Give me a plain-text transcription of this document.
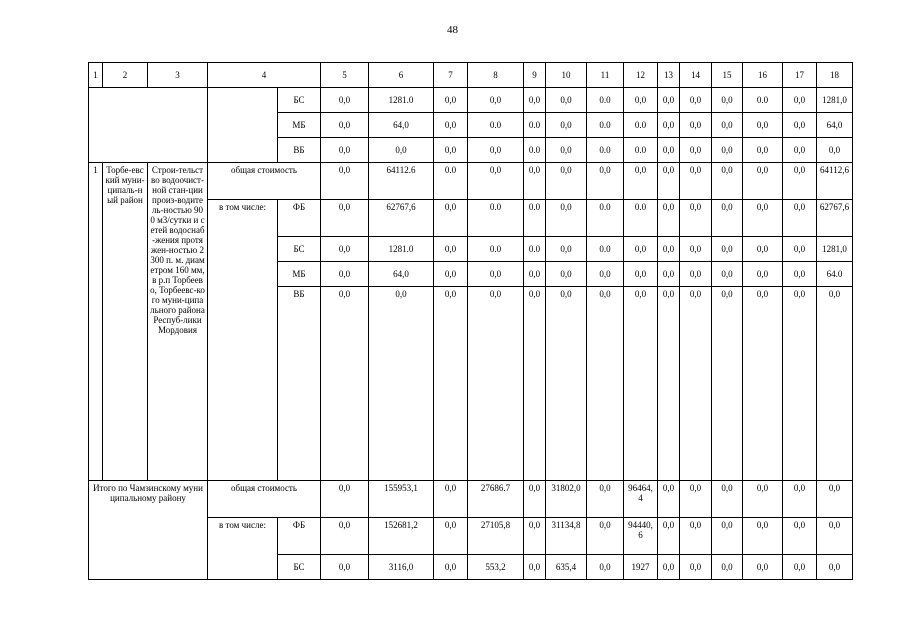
48
1	2	3	4		5	6	7	8	9	10	11	12	13	14	15	16	17	18
				БС	0,0	1281.0	0,0	0,0	0,0	0,0	0.0	0,0	0,0	0,0	0,0	0.0	0,0	1281,0
				МБ	0,0	64,0	0,0	0.0	0.0	0,0	0.0	0.0	0,0	0,0	0,0	0,0	0,0	64,0
				ВБ	0,0	0,0	0,0	0,0	0.0	0,0	0.0	0.0	0,0	0,0	0,0	0,0	0,0	0,0
1	Торбе-евский муни-ципаль-ный район	Строи-тельство водоочист-ной стан-ции произ-водитель-ностью 900 м3/сутки и сетей водоснаб-жения протяжен-ностью 2300 п. м. диаметром 160 мм, в р.п Торбеево, Торбеевс-кого муни-ципального района Респуб-лики Мордовия	общая стоимость		0,0	64112.6	0.0	0,0	0,0	0,0	0,0	0,0	0,0	0,0	0,0	0,0	0,0	64112,6
			в том числе:	ФБ	0,0	62767,6	0,0	0.0	0.0	0,0	0.0	0.0	0,0	0,0	0,0	0,0	0,0	62767,6
				БС	0,0	1281.0	0,0	0.0	0.0	0,0	0.0	0,0	0,0	0,0	0,0	0,0	0,0	1281,0
				МБ	0,0	64,0	0,0	0,0	0,0	0,0	0,0	0,0	0,0	0,0	0,0	0,0	0,0	64.0
				ВБ	0,0	0,0	0,0	0,0	0,0	0,0	0,0	0,0	0,0	0,0	0,0	0,0	0,0	0,0
Итого по Чамзинскому муниципальному району			общая стоимость		0,0	155953,1	0,0	27686.7	0,0	31802,0	0,0	96464,4	0,0	0,0	0,0	0,0	0,0	0,0
			в том числе:	ФБ	0,0	152681,2	0,0	27105,8	0,0	31134,8	0,0	94440,6	0,0	0,0	0,0	0,0	0,0	0,0
				БС	0,0	3116,0	0,0	553,2	0,0	635,4	0,0	1927	0,0	0,0	0,0	0,0	0,0	0,0
